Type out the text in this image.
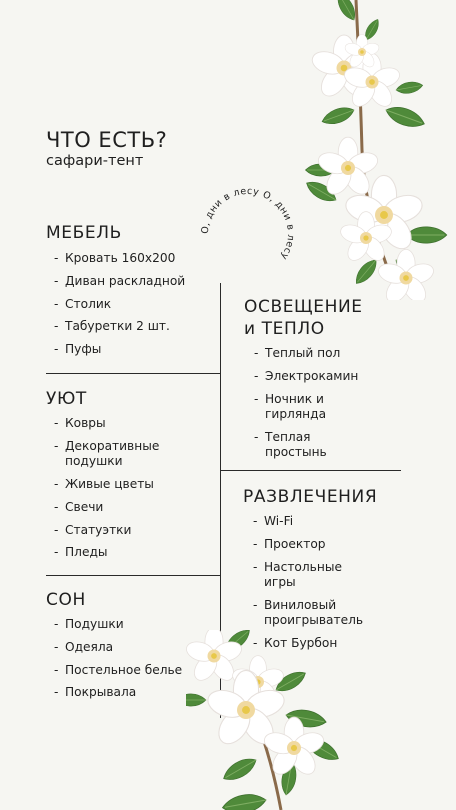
ЧТО ЕСТЬ?
сафари-тент
О, дни в лесу О, дни в лесу
МЕБЕЛЬ
- Кровать 160х200
- Диван раскладной
- Столик
- Табуретки 2 шт.
- Пуфы
УЮТ
- Ковры
- Декоративные подушки
- Живые цветы
- Свечи
- Статуэтки
- Пледы
СОН
- Подушки
- Одеяла
- Постельное белье
- Покрывала
ОСВЕЩЕНИЕ и ТЕПЛО
- Теплый пол
- Электрокамин
- Ночник и гирлянда
- Теплая простынь
РАЗВЛЕЧЕНИЯ
- Wi-Fi
- Проектор
- Настольные игры
- Виниловый проигрыватель
- Кот Бурбон
